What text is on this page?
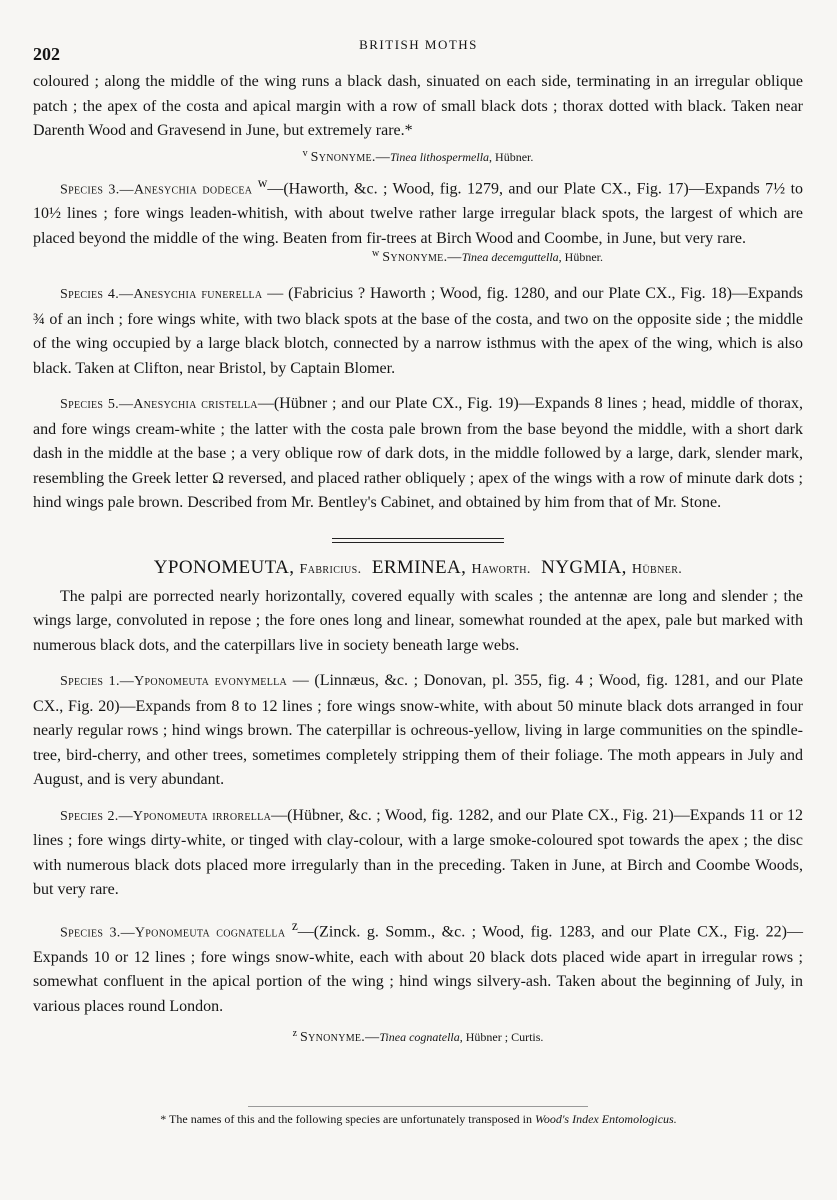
202	BRITISH MOTHS

coloured ; along the middle of the wing runs a black dash, sinuated on each side, terminating in an irregular oblique patch ; the apex of the costa and apical margin with a row of small black dots ; thorax dotted with black. Taken near Darenth Wood and Gravesend in June, but extremely rare.*

$^v$ Synonyme.—Tinea lithospermella, Hübner.

Species 3.—Anesychia dodecea $^w$—(Haworth, &c. ; Wood, fig. 1279, and our Plate CX., Fig. 17)—Expands 7½ to 10½ lines ; fore wings leaden-whitish, with about twelve rather large irregular black spots, the largest of which are placed beyond the middle of the wing. Beaten from fir-trees at Birch Wood and Coombe, in June, but very rare.

$^w$ Synonyme.—Tinea decemguttella, Hübner.

Species 4.—Anesychia funerella — (Fabricius ? Haworth ; Wood, fig. 1280, and our Plate CX., Fig. 18)—Expands ¾ of an inch ; fore wings white, with two black spots at the base of the costa, and two on the opposite side ; the middle of the wing occupied by a large black blotch, connected by a narrow isthmus with the apex of the wing, which is also black. Taken at Clifton, near Bristol, by Captain Blomer.

Species 5.—Anesychia cristella—(Hübner ; and our Plate CX., Fig. 19)—Expands 8 lines ; head, middle of thorax, and fore wings cream-white ; the latter with the costa pale brown from the base beyond the middle, with a short dark dash in the middle at the base ; a very oblique row of dark dots, in the middle followed by a large, dark, slender mark, resembling the Greek letter Ω reversed, and placed rather obliquely ; apex of the wings with a row of minute dark dots ; hind wings pale brown. Described from Mr. Bentley's Cabinet, and obtained by him from that of Mr. Stone.

YPONOMEUTA, Fabricius. ERMINEA, Haworth. NYGMIA, Hübner.

The palpi are porrected nearly horizontally, covered equally with scales ; the antennæ are long and slender ; the wings large, convoluted in repose ; the fore ones long and linear, somewhat rounded at the apex, pale but marked with numerous black dots, and the caterpillars live in society beneath large webs.

Species 1.—Yponomeuta evonymella — (Linnæus, &c. ; Donovan, pl. 355, fig. 4 ; Wood, fig. 1281, and our Plate CX., Fig. 20)—Expands from 8 to 12 lines ; fore wings snow-white, with about 50 minute black dots arranged in four nearly regular rows ; hind wings brown. The caterpillar is ochreous-yellow, living in large communities on the spindle-tree, bird-cherry, and other trees, sometimes completely stripping them of their foliage. The moth appears in July and August, and is very abundant.

Species 2.—Yponomeuta irrorella—(Hübner, &c. ; Wood, fig. 1282, and our Plate CX., Fig. 21)—Expands 11 or 12 lines ; fore wings dirty-white, or tinged with clay-colour, with a large smoke-coloured spot towards the apex ; the disc with numerous black dots placed more irregularly than in the preceding. Taken in June, at Birch and Coombe Woods, but very rare.

Species 3.—Yponomeuta cognatella $^z$—(Zinck. g. Somm., &c. ; Wood, fig. 1283, and our Plate CX., Fig. 22)—Expands 10 or 12 lines ; fore wings snow-white, each with about 20 black dots placed wide apart in irregular rows ; somewhat confluent in the apical portion of the wing ; hind wings silvery-ash. Taken about the beginning of July, in various places round London.

$^z$ Synonyme.—Tinea cognatella, Hübner ; Curtis.
* The names of this and the following species are unfortunately transposed in Wood's Index Entomologicus.
